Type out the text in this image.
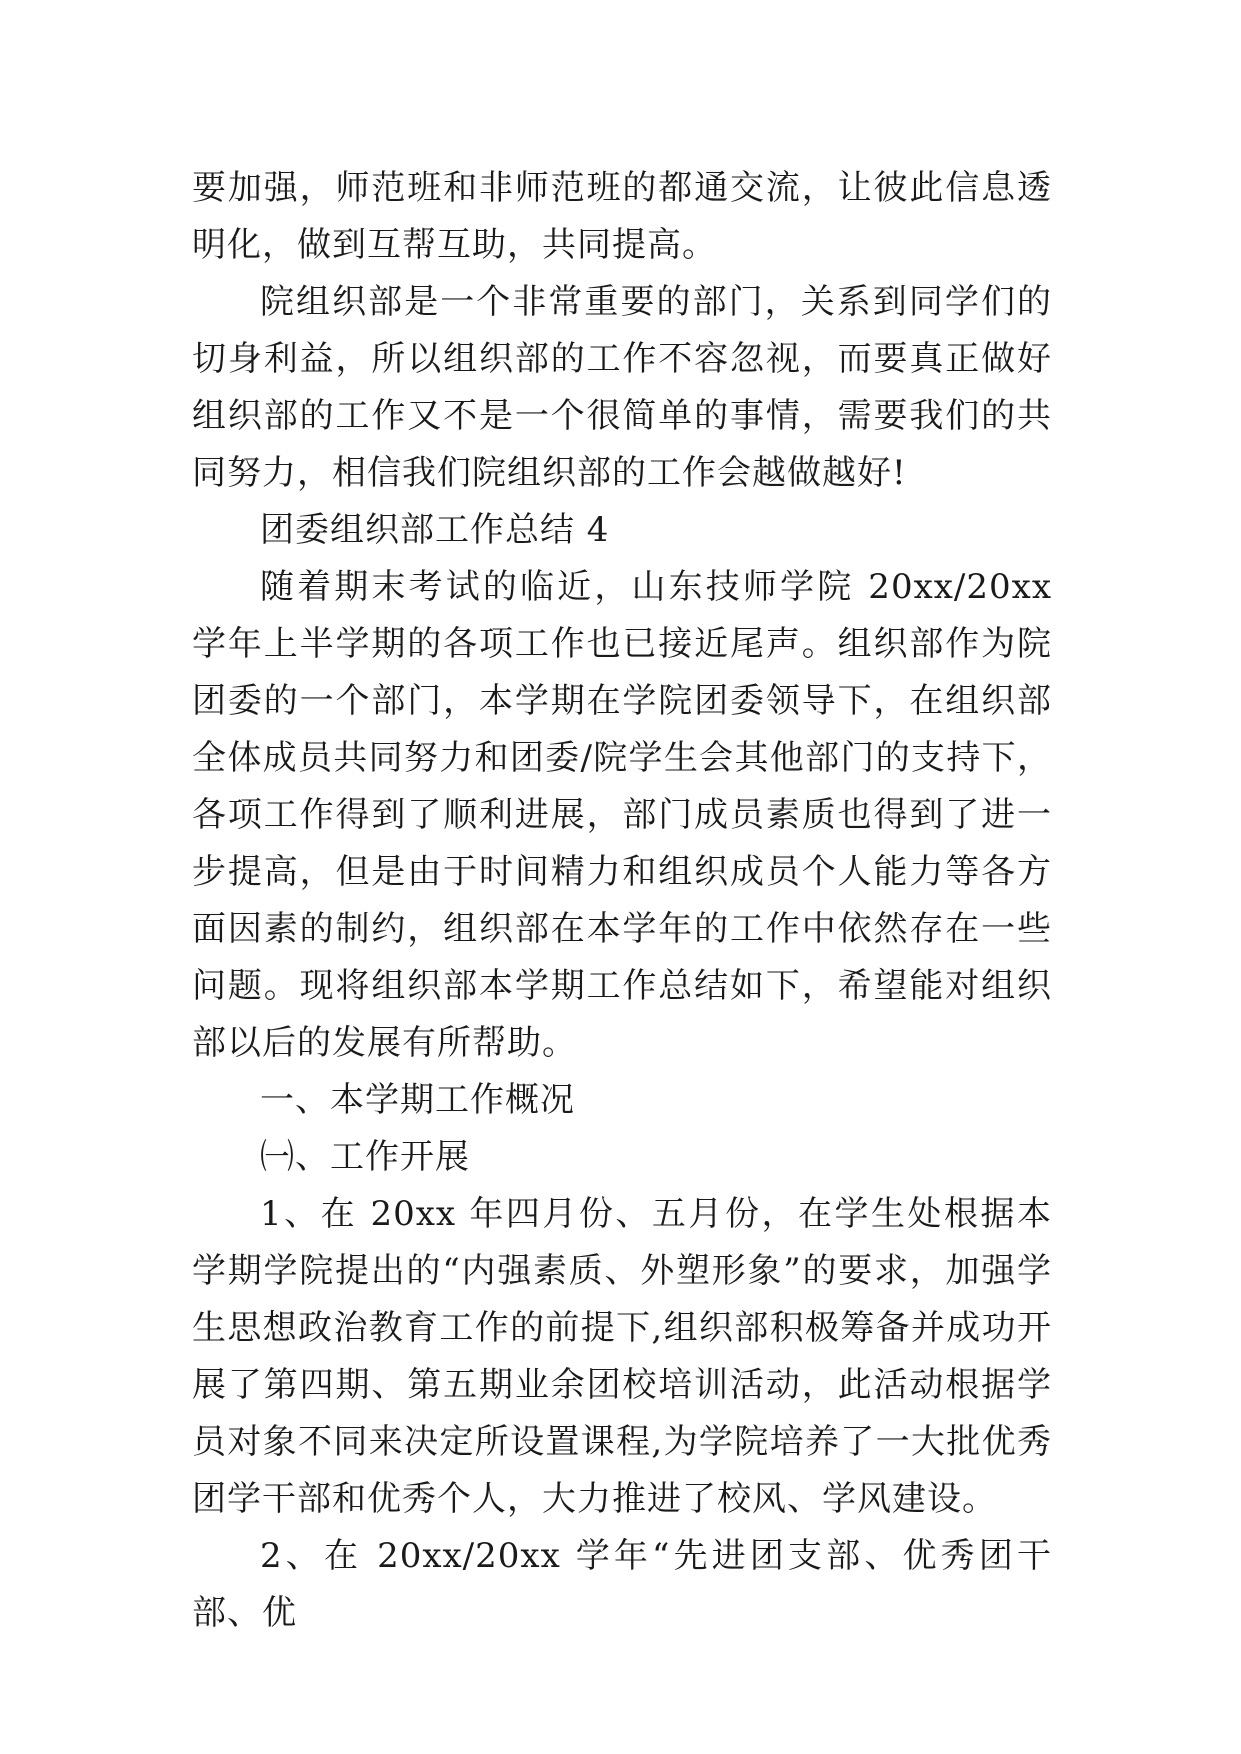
要加强，师范班和非师范班的都通交流，让彼此信息透明化，做到互帮互助，共同提高。

院组织部是一个非常重要的部门，关系到同学们的切身利益，所以组织部的工作不容忽视，而要真正做好组织部的工作又不是一个很简单的事情，需要我们的共同努力，相信我们院组织部的工作会越做越好!

团委组织部工作总结 4

随着期末考试的临近，山东技师学院 20xx/20xx 学年上半学期的各项工作也已接近尾声。组织部作为院团委的一个部门，本学期在学院团委领导下，在组织部全体成员共同努力和团委/院学生会其他部门的支持下，各项工作得到了顺利进展，部门成员素质也得到了进一步提高，但是由于时间精力和组织成员个人能力等各方面因素的制约，组织部在本学年的工作中依然存在一些问题。现将组织部本学期工作总结如下，希望能对组织部以后的发展有所帮助。

一、本学期工作概况

㈠、工作开展

1、在 20xx 年四月份、五月份，在学生处根据本学期学院提出的“内强素质、外塑形象”的要求，加强学生思想政治教育工作的前提下,组织部积极筹备并成功开展了第四期、第五期业余团校培训活动，此活动根据学员对象不同来决定所设置课程,为学院培养了一大批优秀团学干部和优秀个人，大力推进了校风、学风建设。

2、在 20xx/20xx 学年“先进团支部、优秀团干部、优
